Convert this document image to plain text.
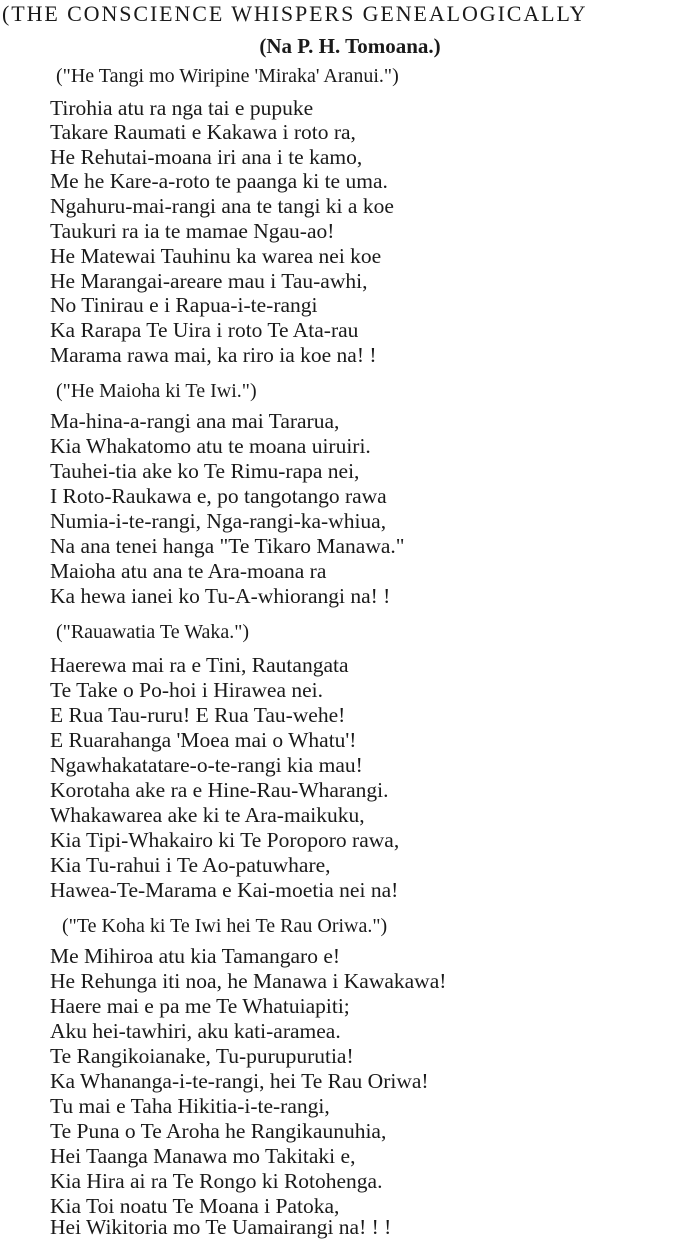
(THE CONSCIENCE WHISPERS GENEALOGICALLY
(Na P. H. Tomoana.)
("He Tangi mo Wiripine 'Miraka' Aranui.")
Tirohia atu ra nga tai e pupuke
Takare Raumati e Kakawa i roto ra,
He Rehutai-moana iri ana i te kamo,
Me he Kare-a-roto te paanga ki te uma.
Ngahuru-mai-rangi ana te tangi ki a koe
Taukuri ra ia te mamae Ngau-ao!
He Matewai Tauhinu ka warea nei koe
He Marangai-areare mau i Tau-awhi,
No Tinirau e i Rapua-i-te-rangi
Ka Rarapa Te Uira i roto Te Ata-rau
Marama rawa mai, ka riro ia koe na! !
("He Maioha ki Te Iwi.")
Ma-hina-a-rangi ana mai Tararua,
Kia Whakatomo atu te moana uiruiri.
Tauhei-tia ake ko Te Rimu-rapa nei,
I Roto-Raukawa e, po tangotango rawa
Numia-i-te-rangi, Nga-rangi-ka-whiua,
Na ana tenei hanga "Te Tikaro Manawa."
Maioha atu ana te Ara-moana ra
Ka hewa ianei ko Tu-A-whiorangi na! !
("Rauawatia Te Waka.")
Haerewa mai ra e Tini, Rautangata
Te Take o Po-hoi i Hirawea nei.
E Rua Tau-ruru! E Rua Tau-wehe!
E Ruarahanga 'Moea mai o Whatu'!
Ngawhakatatare-o-te-rangi kia mau!
Korotaha ake ra e Hine-Rau-Wharangi.
Whakawarea ake ki te Ara-maikuku,
Kia Tipi-Whakairo ki Te Poroporo rawa,
Kia Tu-rahui i Te Ao-patuwhare,
Hawea-Te-Marama e Kai-moetia nei na!
("Te Koha ki Te Iwi hei Te Rau Oriwa.")
Me Mihiroa atu kia Tamangaro e!
He Rehunga iti noa, he Manawa i Kawakawa!
Haere mai e pa me Te Whatuiapiti;
Aku hei-tawhiri, aku kati-aramea.
Te Rangikoianake, Tu-purupurutia!
Ka Whananga-i-te-rangi, hei Te Rau Oriwa!
Tu mai e Taha Hikitia-i-te-rangi,
Te Puna o Te Aroha he Rangikaunuhia,
Hei Taanga Manawa mo Takitaki e,
Kia Hira ai ra Te Rongo ki Rotohenga.
Kia Toi noatu Te Moana i Patoka,
Hei Wikitoria mo Te Uamairangi na! ! !
